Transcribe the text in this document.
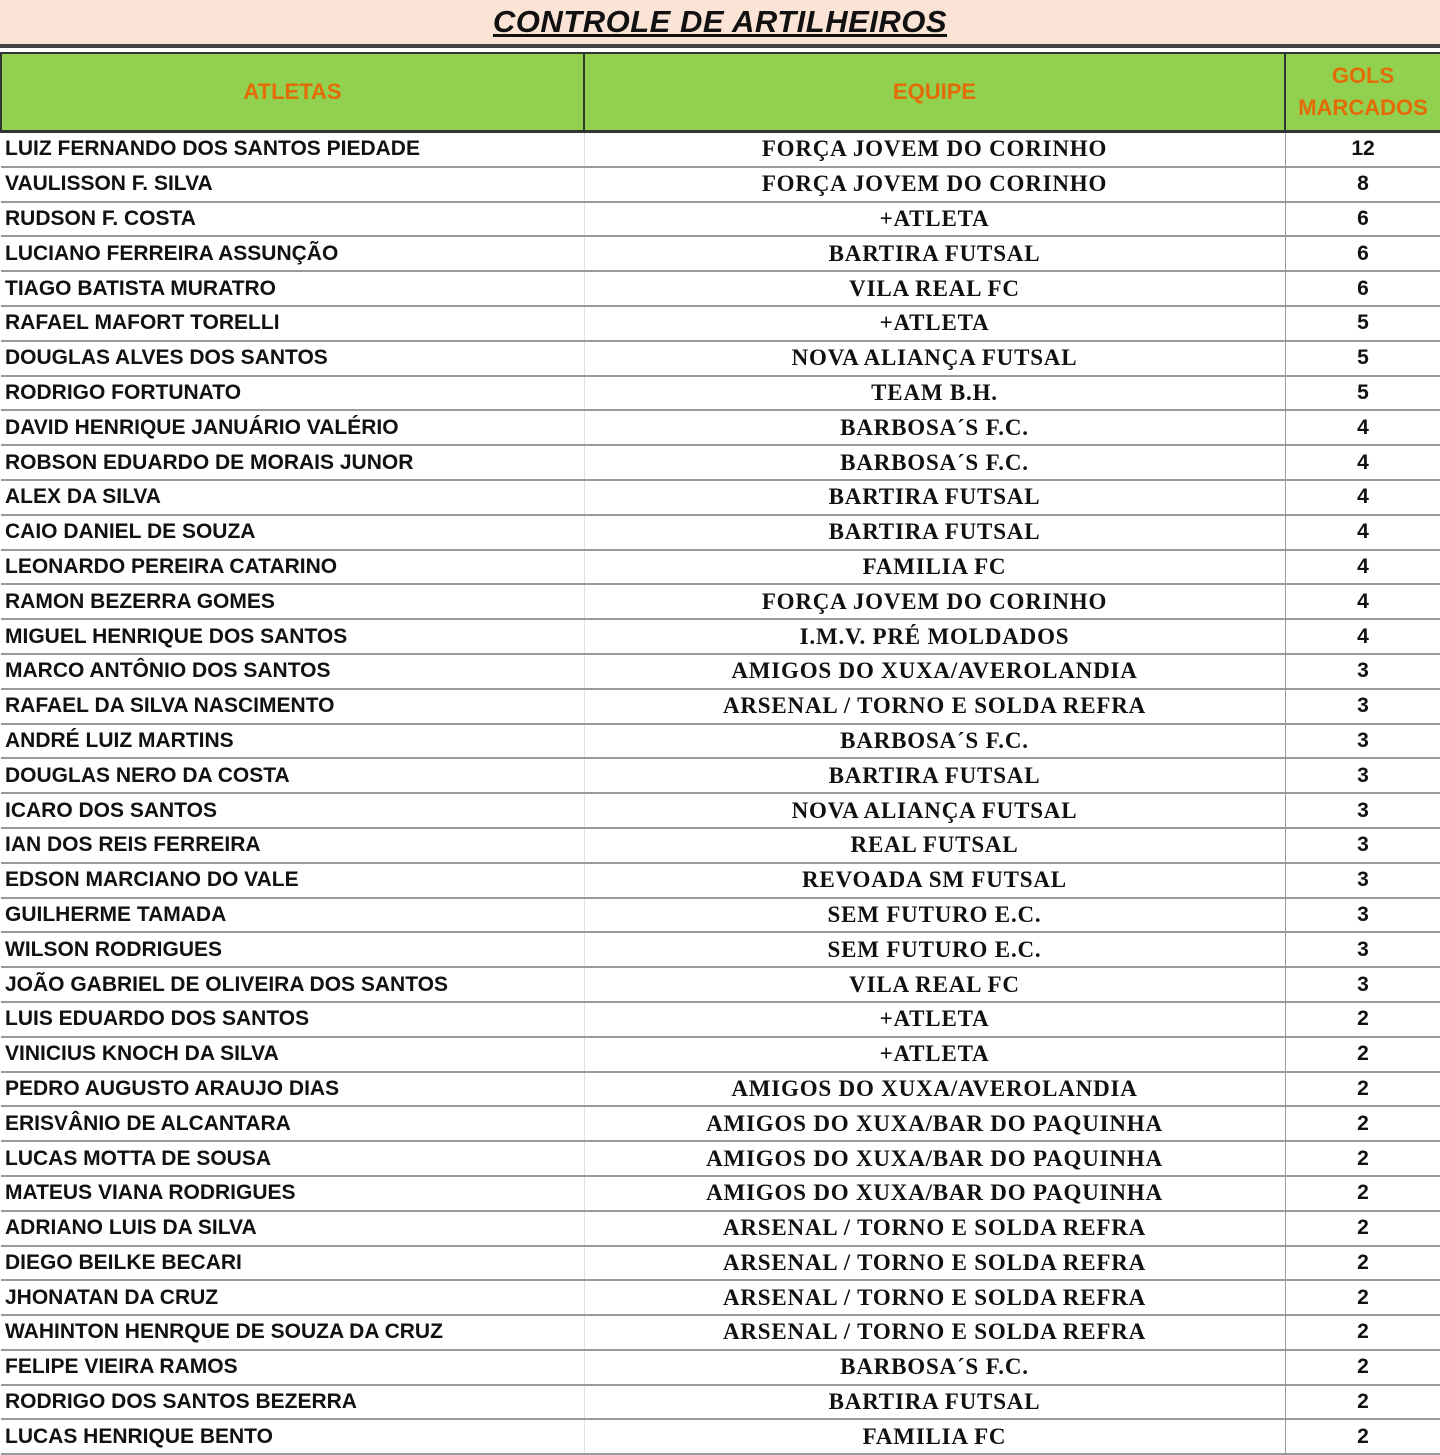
CONTROLE DE ARTILHEIROS
ATLETAS	EQUIPE	GOLS
MARCADOS
LUIZ FERNANDO DOS SANTOS PIEDADE	FORÇA JOVEM DO CORINHO	12
VAULISSON F. SILVA	FORÇA JOVEM DO CORINHO	8
RUDSON F. COSTA	+ATLETA	6
LUCIANO FERREIRA ASSUNÇÃO	BARTIRA FUTSAL	6
TIAGO BATISTA MURATRO	VILA REAL FC	6
RAFAEL MAFORT TORELLI	+ATLETA	5
DOUGLAS ALVES DOS SANTOS	NOVA ALIANÇA FUTSAL	5
RODRIGO FORTUNATO	TEAM B.H.	5
DAVID HENRIQUE JANUÁRIO VALÉRIO	BARBOSA´S F.C.	4
ROBSON EDUARDO DE MORAIS JUNOR	BARBOSA´S F.C.	4
ALEX DA SILVA	BARTIRA FUTSAL	4
CAIO DANIEL DE SOUZA	BARTIRA FUTSAL	4
LEONARDO PEREIRA CATARINO	FAMILIA FC	4
RAMON BEZERRA GOMES	FORÇA JOVEM DO CORINHO	4
MIGUEL HENRIQUE DOS SANTOS	I.M.V. PRÉ MOLDADOS	4
MARCO ANTÔNIO DOS SANTOS	AMIGOS DO XUXA/AVEROLANDIA	3
RAFAEL DA SILVA NASCIMENTO	ARSENAL / TORNO E SOLDA REFRA	3
ANDRÉ LUIZ MARTINS	BARBOSA´S F.C.	3
DOUGLAS NERO DA COSTA	BARTIRA FUTSAL	3
ICARO DOS SANTOS	NOVA ALIANÇA FUTSAL	3
IAN DOS REIS FERREIRA	REAL FUTSAL	3
EDSON MARCIANO DO VALE	REVOADA SM FUTSAL	3
GUILHERME TAMADA	SEM FUTURO E.C.	3
WILSON RODRIGUES	SEM FUTURO E.C.	3
JOÃO GABRIEL DE OLIVEIRA DOS SANTOS	VILA REAL FC	3
LUIS EDUARDO DOS SANTOS	+ATLETA	2
VINICIUS KNOCH DA SILVA	+ATLETA	2
PEDRO AUGUSTO ARAUJO DIAS	AMIGOS DO XUXA/AVEROLANDIA	2
ERISVÂNIO DE ALCANTARA	AMIGOS DO XUXA/BAR DO PAQUINHA	2
LUCAS MOTTA DE SOUSA	AMIGOS DO XUXA/BAR DO PAQUINHA	2
MATEUS VIANA RODRIGUES	AMIGOS DO XUXA/BAR DO PAQUINHA	2
ADRIANO LUIS DA SILVA	ARSENAL / TORNO E SOLDA REFRA	2
DIEGO BEILKE BECARI	ARSENAL / TORNO E SOLDA REFRA	2
JHONATAN DA CRUZ	ARSENAL / TORNO E SOLDA REFRA	2
WAHINTON HENRQUE DE SOUZA DA CRUZ	ARSENAL / TORNO E SOLDA REFRA	2
FELIPE VIEIRA RAMOS	BARBOSA´S F.C.	2
RODRIGO DOS SANTOS BEZERRA	BARTIRA FUTSAL	2
LUCAS HENRIQUE BENTO	FAMILIA FC	2
